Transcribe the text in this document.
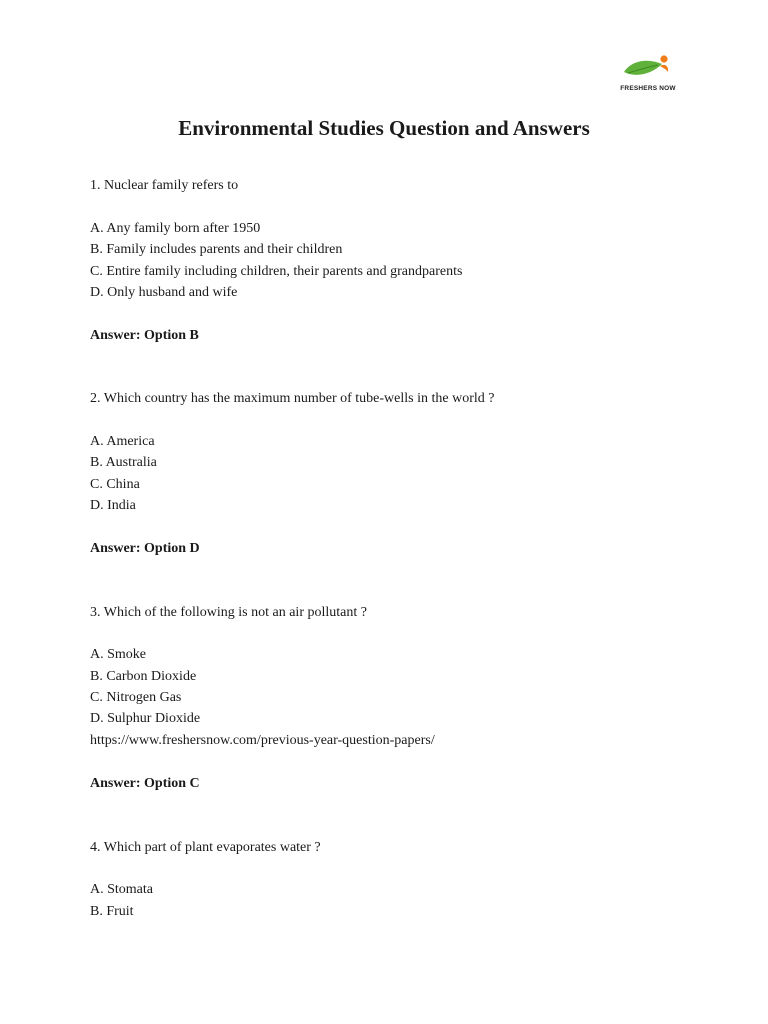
FRESHERS NOW
Environmental Studies Question and Answers
1. Nuclear family refers to
A. Any family born after 1950
B. Family includes parents and their children
C. Entire family including children, their parents and grandparents
D. Only husband and wife
Answer: Option B
2. Which country has the maximum number of tube-wells in the world ?
A. America
B. Australia
C. China
D. India
Answer: Option D
3. Which of the following is not an air pollutant ?
A. Smoke
B. Carbon Dioxide
C. Nitrogen Gas
D. Sulphur Dioxide
https://www.freshersnow.com/previous-year-question-papers/
Answer: Option C
4. Which part of plant evaporates water ?
A. Stomata
B. Fruit
